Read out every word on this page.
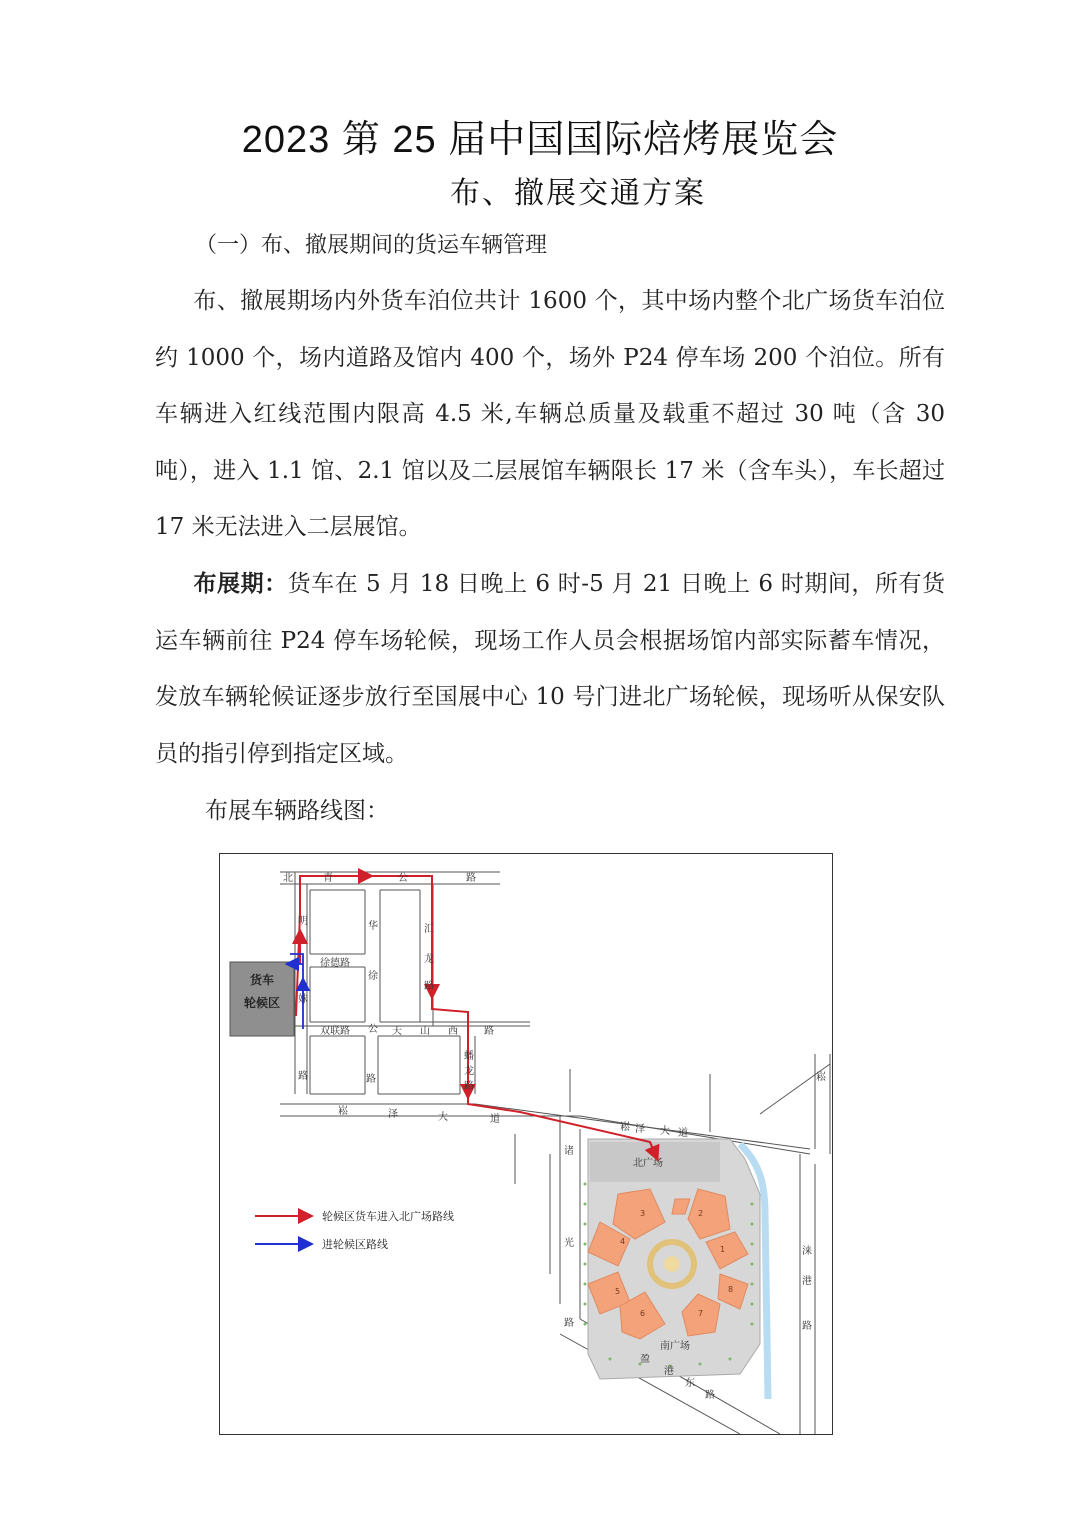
2023 第 25 届中国国际焙烤展览会
布、撤展交通方案
（一）布、撤展期间的货运车辆管理

布、撤展期场内外货车泊位共计 1600 个，其中场内整个北广场货车泊位约 1000 个，场内道路及馆内 400 个，场外 P24 停车场 200 个泊位。所有车辆进入红线范围内限高 4.5 米,车辆总质量及载重不超过 30 吨（含 30 吨），进入 1.1 馆、2.1 馆以及二层展馆车辆限长 17 米（含车头），车长超过 17 米无法进入二层展馆。

布展期：货车在 5 月 18 日晚上 6 时-5 月 21 日晚上 6 时期间，所有货运车辆前往 P24 停车场轮候，现场工作人员会根据场馆内部实际蓄车情况，发放车辆轮候证逐步放行至国展中心 10 号门进北广场轮候，现场听从保安队员的指引停到指定区域。

布展车辆路线图：
货车
轮候区
北广场
南广场
3
4
2
1
5
6	7
8
北	青	公	路
明
妹
徐德路
华
徐
双联路 公 天 山 西	路
汇
龙
路
蟠
龙
路
路	路
崧	泽	大	道
崧 泽 大 道
诸
光
路
涞
港
路
盈
港
东
路
崧
轮候区货车进入北广场路线
进轮候区路线
